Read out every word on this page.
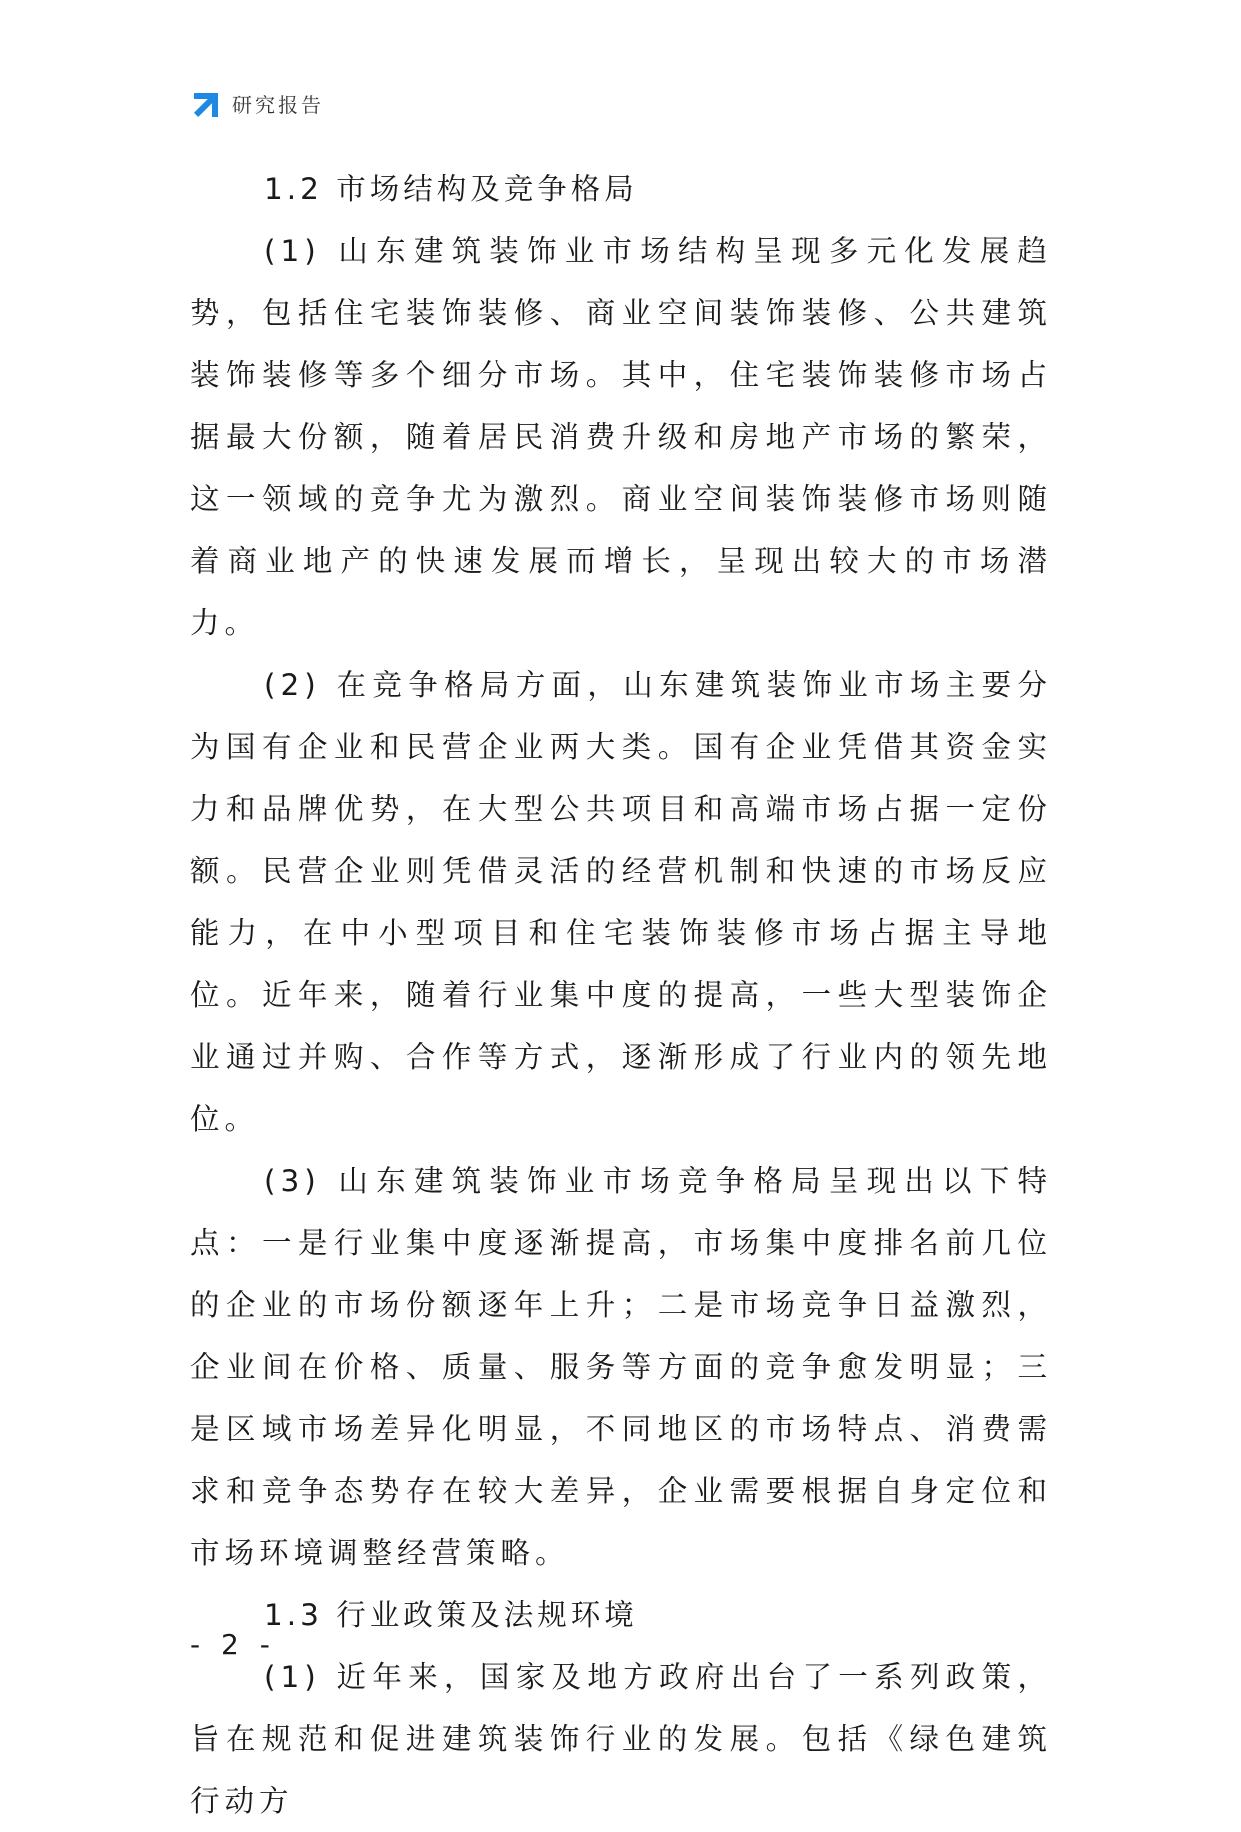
研究报告
1.2 市场结构及竞争格局

(1) 山东建筑装饰业市场结构呈现多元化发展趋势，包括住宅装饰装修、商业空间装饰装修、公共建筑装饰装修等多个细分市场。其中，住宅装饰装修市场占据最大份额，随着居民消费升级和房地产市场的繁荣，这一领域的竞争尤为激烈。商业空间装饰装修市场则随着商业地产的快速发展而增长，呈现出较大的市场潜力。

(2) 在竞争格局方面，山东建筑装饰业市场主要分为国有企业和民营企业两大类。国有企业凭借其资金实力和品牌优势，在大型公共项目和高端市场占据一定份额。民营企业则凭借灵活的经营机制和快速的市场反应能力，在中小型项目和住宅装饰装修市场占据主导地位。近年来，随着行业集中度的提高，一些大型装饰企业通过并购、合作等方式，逐渐形成了行业内的领先地位。

(3) 山东建筑装饰业市场竞争格局呈现出以下特点：一是行业集中度逐渐提高，市场集中度排名前几位的企业的市场份额逐年上升；二是市场竞争日益激烈，企业间在价格、质量、服务等方面的竞争愈发明显；三是区域市场差异化明显，不同地区的市场特点、消费需求和竞争态势存在较大差异，企业需要根据自身定位和市场环境调整经营策略。

1.3 行业政策及法规环境

(1) 近年来，国家及地方政府出台了一系列政策，旨在规范和促进建筑装饰行业的发展。包括《绿色建筑行动方

- 2 -
